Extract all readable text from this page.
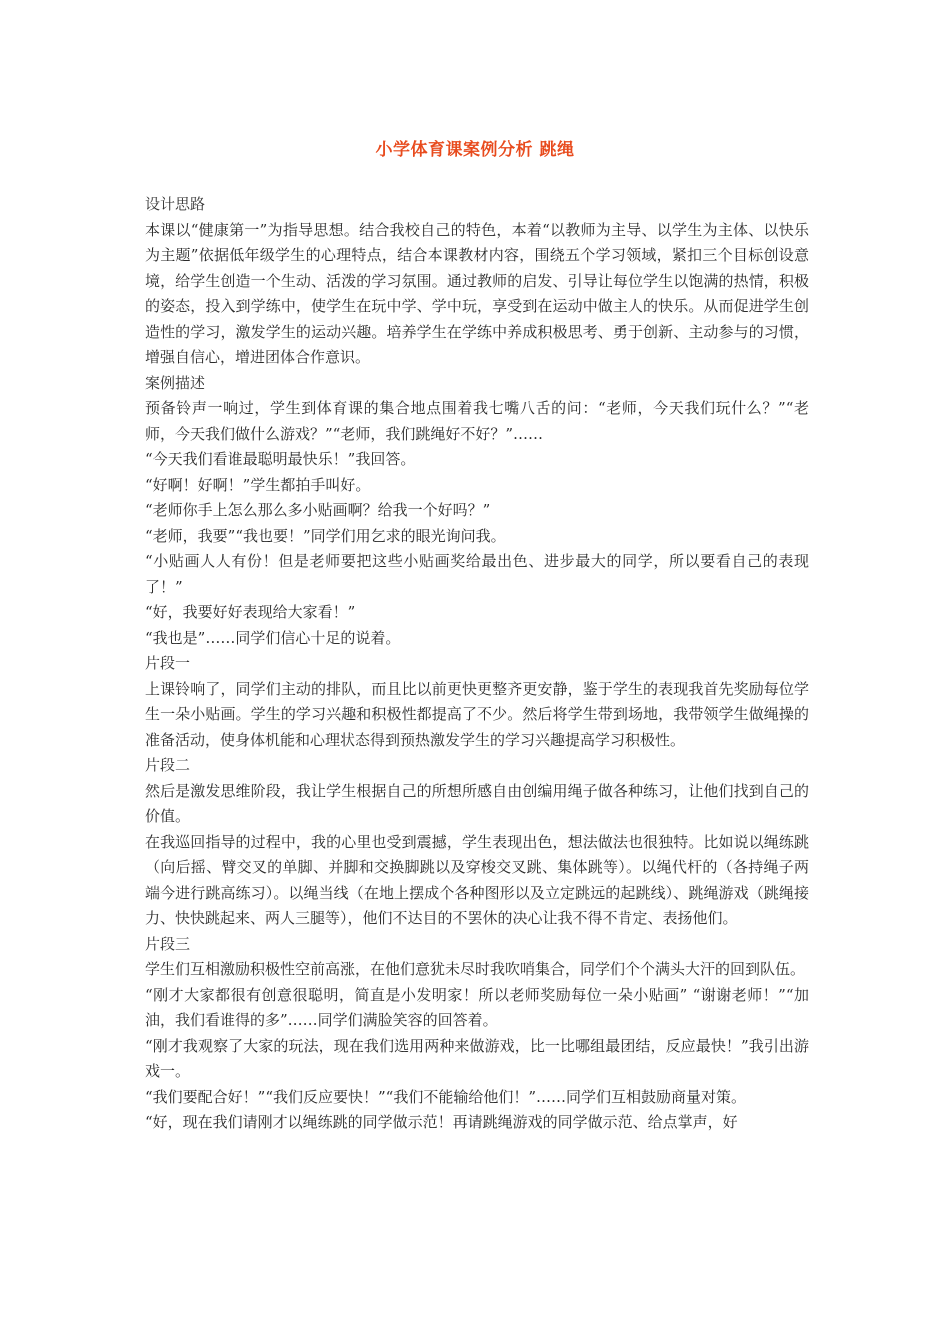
小学体育课案例分析 跳绳

设计思路

本课以“健康第一”为指导思想。结合我校自己的特色，本着“以教师为主导、以学生为主体、以快乐为主题”依据低年级学生的心理特点，结合本课教材内容，围绕五个学习领域，紧扣三个目标创设意境，给学生创造一个生动、活泼的学习氛围。通过教师的启发、引导让每位学生以饱满的热情，积极的姿态，投入到学练中，使学生在玩中学、学中玩，享受到在运动中做主人的快乐。从而促进学生创造性的学习，激发学生的运动兴趣。培养学生在学练中养成积极思考、勇于创新、主动参与的习惯，增强自信心，增进团体合作意识。

案例描述

预备铃声一响过，学生到体育课的集合地点围着我七嘴八舌的问：“老师，今天我们玩什么？”“老师，今天我们做什么游戏？”“老师，我们跳绳好不好？”……

“今天我们看谁最聪明最快乐！”我回答。

“好啊！好啊！”学生都拍手叫好。

“老师你手上怎么那么多小贴画啊？给我一个好吗？”

“老师，我要”“我也要！”同学们用乞求的眼光询问我。

“小贴画人人有份！但是老师要把这些小贴画奖给最出色、进步最大的同学，所以要看自己的表现了！”

“好，我要好好表现给大家看！”

“我也是”……同学们信心十足的说着。

片段一

上课铃响了，同学们主动的排队，而且比以前更快更整齐更安静，鉴于学生的表现我首先奖励每位学生一朵小贴画。学生的学习兴趣和积极性都提高了不少。然后将学生带到场地，我带领学生做绳操的准备活动，使身体机能和心理状态得到预热激发学生的学习兴趣提高学习积极性。

片段二

然后是激发思维阶段，我让学生根据自己的所想所感自由创编用绳子做各种练习，让他们找到自己的价值。

在我巡回指导的过程中，我的心里也受到震撼，学生表现出色，想法做法也很独特。比如说以绳练跳（向后摇、臂交叉的单脚、并脚和交换脚跳以及穿梭交叉跳、集体跳等）。以绳代杆的（各持绳子两端今进行跳高练习）。以绳当线（在地上摆成个各种图形以及立定跳远的起跳线）、跳绳游戏（跳绳接力、快快跳起来、两人三腿等），他们不达目的不罢休的决心让我不得不肯定、表扬他们。

片段三

学生们互相激励积极性空前高涨，在他们意犹未尽时我吹哨集合，同学们个个满头大汗的回到队伍。

“刚才大家都很有创意很聪明，简直是小发明家！所以老师奖励每位一朵小贴画” “谢谢老师！”“加油，我们看谁得的多”……同学们满脸笑容的回答着。

“刚才我观察了大家的玩法，现在我们选用两种来做游戏，比一比哪组最团结，反应最快！”我引出游戏一。

“我们要配合好！”“我们反应要快！”“我们不能输给他们！”……同学们互相鼓励商量对策。

“好，现在我们请刚才以绳练跳的同学做示范！再请跳绳游戏的同学做示范、给点掌声，好
